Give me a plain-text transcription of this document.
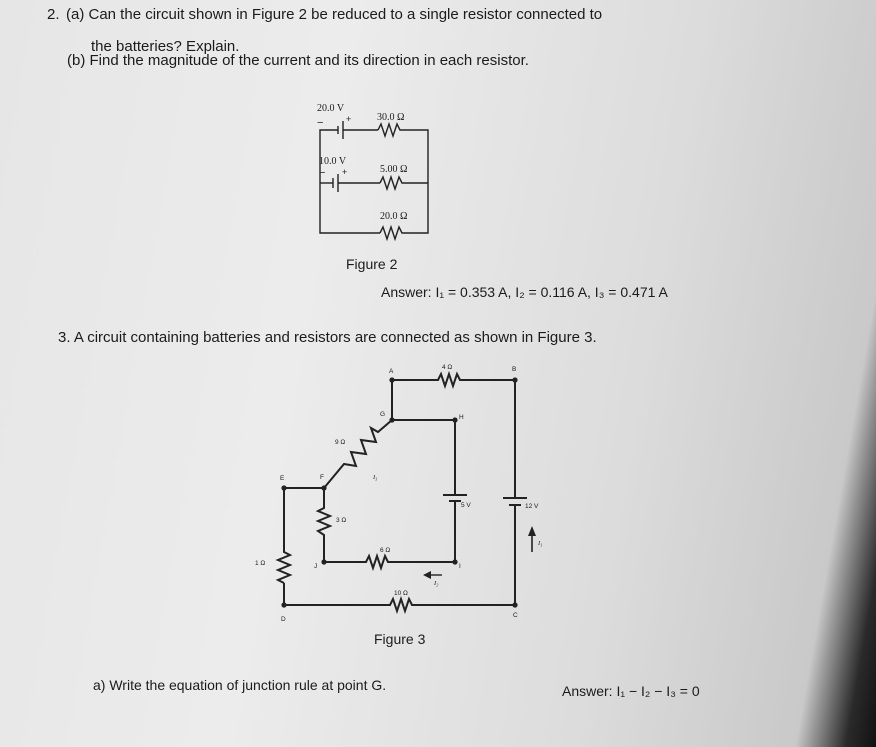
2. (a) Can the circuit shown in Figure 2 be reduced to a single resistor connected to
the batteries? Explain.
(b) Find the magnitude of the current and its direction in each resistor.
−	+
− +
20.0 V
30.0 Ω
10.0 V
5.00 Ω
20.0 Ω
Figure 2
Answer: I₁ = 0.353 A, I₂ = 0.116 A, I₃ = 0.471 A
3. A circuit containing batteries and resistors are connected as shown in Figure 3.
4 Ω
A	B
G	H
9 Ω
I₃
E	F
5 V	12 V
3 Ω
I₁
6 Ω
1 Ω	J	I
I₂
10 Ω
C
D
Figure 3
a) Write the equation of junction rule at point G.	Answer: I₁ − I₂ − I₃ = 0
